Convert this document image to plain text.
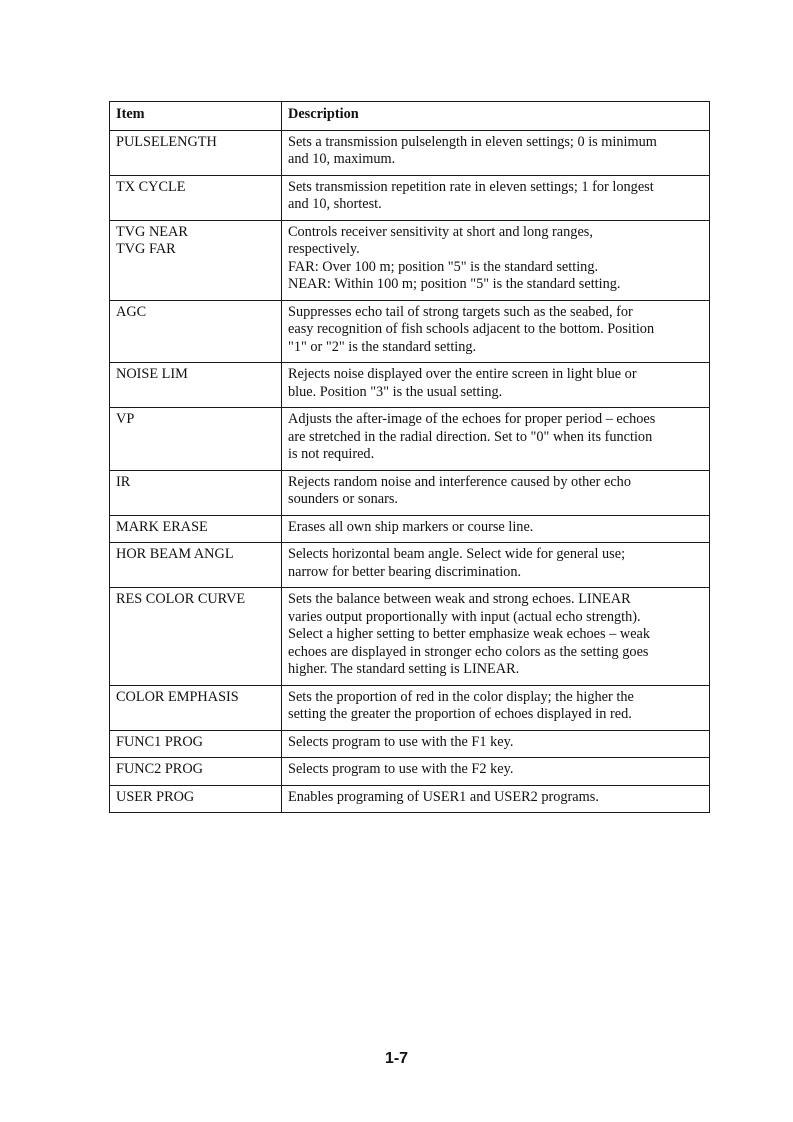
Item	Description
PULSELENGTH	Sets a transmission pulselength in eleven settings; 0 is minimum
and 10, maximum.
TX CYCLE	Sets transmission repetition rate in eleven settings; 1 for longest
and 10, shortest.
TVG NEAR
TVG FAR	Controls receiver sensitivity at short and long ranges,
respectively.
FAR: Over 100 m; position "5" is the standard setting.
NEAR: Within 100 m; position "5" is the standard setting.
AGC	Suppresses echo tail of strong targets such as the seabed, for
easy recognition of fish schools adjacent to the bottom. Position
"1" or "2" is the standard setting.
NOISE LIM	Rejects noise displayed over the entire screen in light blue or
blue. Position "3" is the usual setting.
VP	Adjusts the after-image of the echoes for proper period – echoes
are stretched in the radial direction. Set to "0" when its function
is not required.
IR	Rejects random noise and interference caused by other echo
sounders or sonars.
MARK ERASE	Erases all own ship markers or course line.
HOR BEAM ANGL	Selects horizontal beam angle. Select wide for general use;
narrow for better bearing discrimination.
RES COLOR CURVE	Sets the balance between weak and strong echoes. LINEAR
varies output proportionally with input (actual echo strength).
Select a higher setting to better emphasize weak echoes – weak
echoes are displayed in stronger echo colors as the setting goes
higher. The standard setting is LINEAR.
COLOR EMPHASIS	Sets the proportion of red in the color display; the higher the
setting the greater the proportion of echoes displayed in red.
FUNC1 PROG	Selects program to use with the F1 key.
FUNC2 PROG	Selects program to use with the F2 key.
USER PROG	Enables programing of USER1 and USER2 programs.
1-7
